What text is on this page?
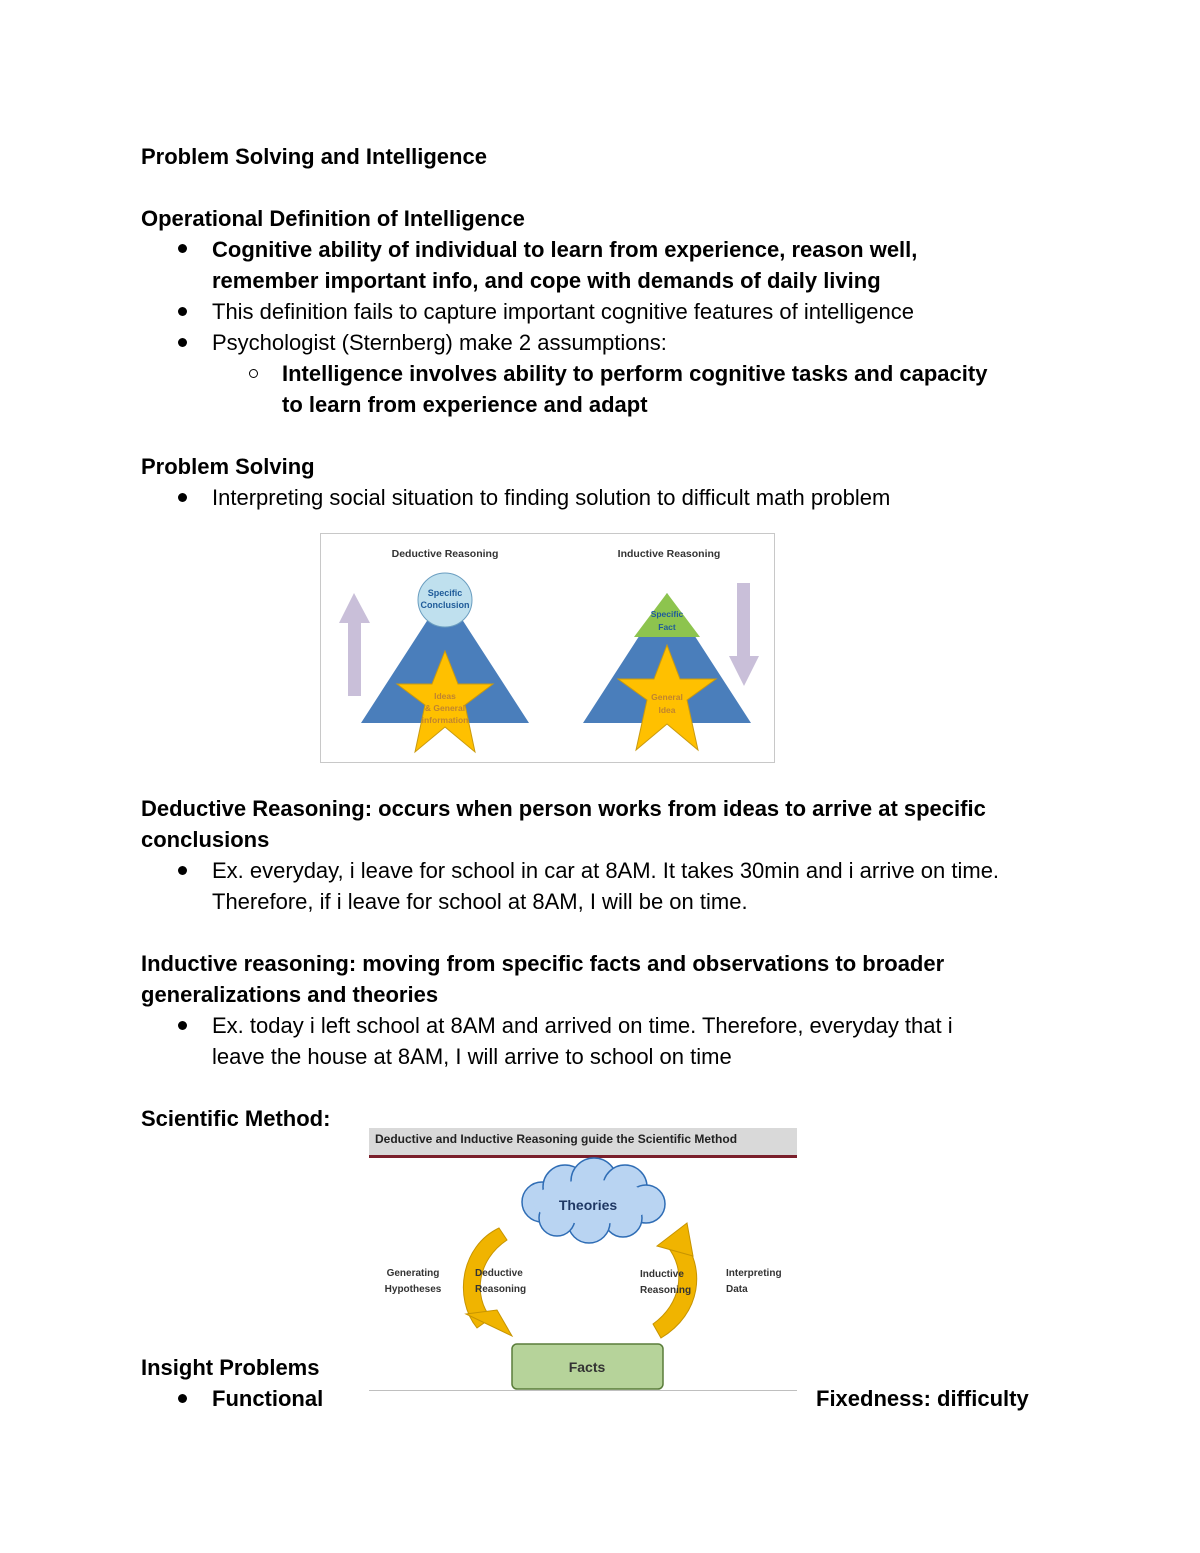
Problem Solving and Intelligence
Operational Definition of Intelligence
Cognitive ability of individual to learn from experience, reason well,
remember important info, and cope with demands of daily living
This definition fails to capture important cognitive features of intelligence
Psychologist (Sternberg) make 2 assumptions:
Intelligence involves ability to perform cognitive tasks and capacity
to learn from experience and adapt
Problem Solving
Interpreting social situation to finding solution to difficult math problem
Deductive Reasoning	Inductive Reasoning
Specific
Conclusion
Ideas
& General
information
Specific
Fact
General
Idea
Deductive Reasoning: occurs when person works from ideas to arrive at specific
conclusions
Ex. everyday, i leave for school in car at 8AM. It takes 30min and i arrive on time.
Therefore, if i leave for school at 8AM, I will be on time.
Inductive reasoning: moving from specific facts and observations to broader
generalizations and theories
Ex. today i left school at 8AM and arrived on time. Therefore, everyday that i
leave the house at 8AM, I will arrive to school on time
Scientific Method:
Deductive and Inductive Reasoning guide the Scientific Method
Theories
Generating
Hypotheses
Deductive
Reasoning
Inductive
Reasoning
Interpreting
Data
Facts
Insight Problems
Functional	Fixedness: difficulty
